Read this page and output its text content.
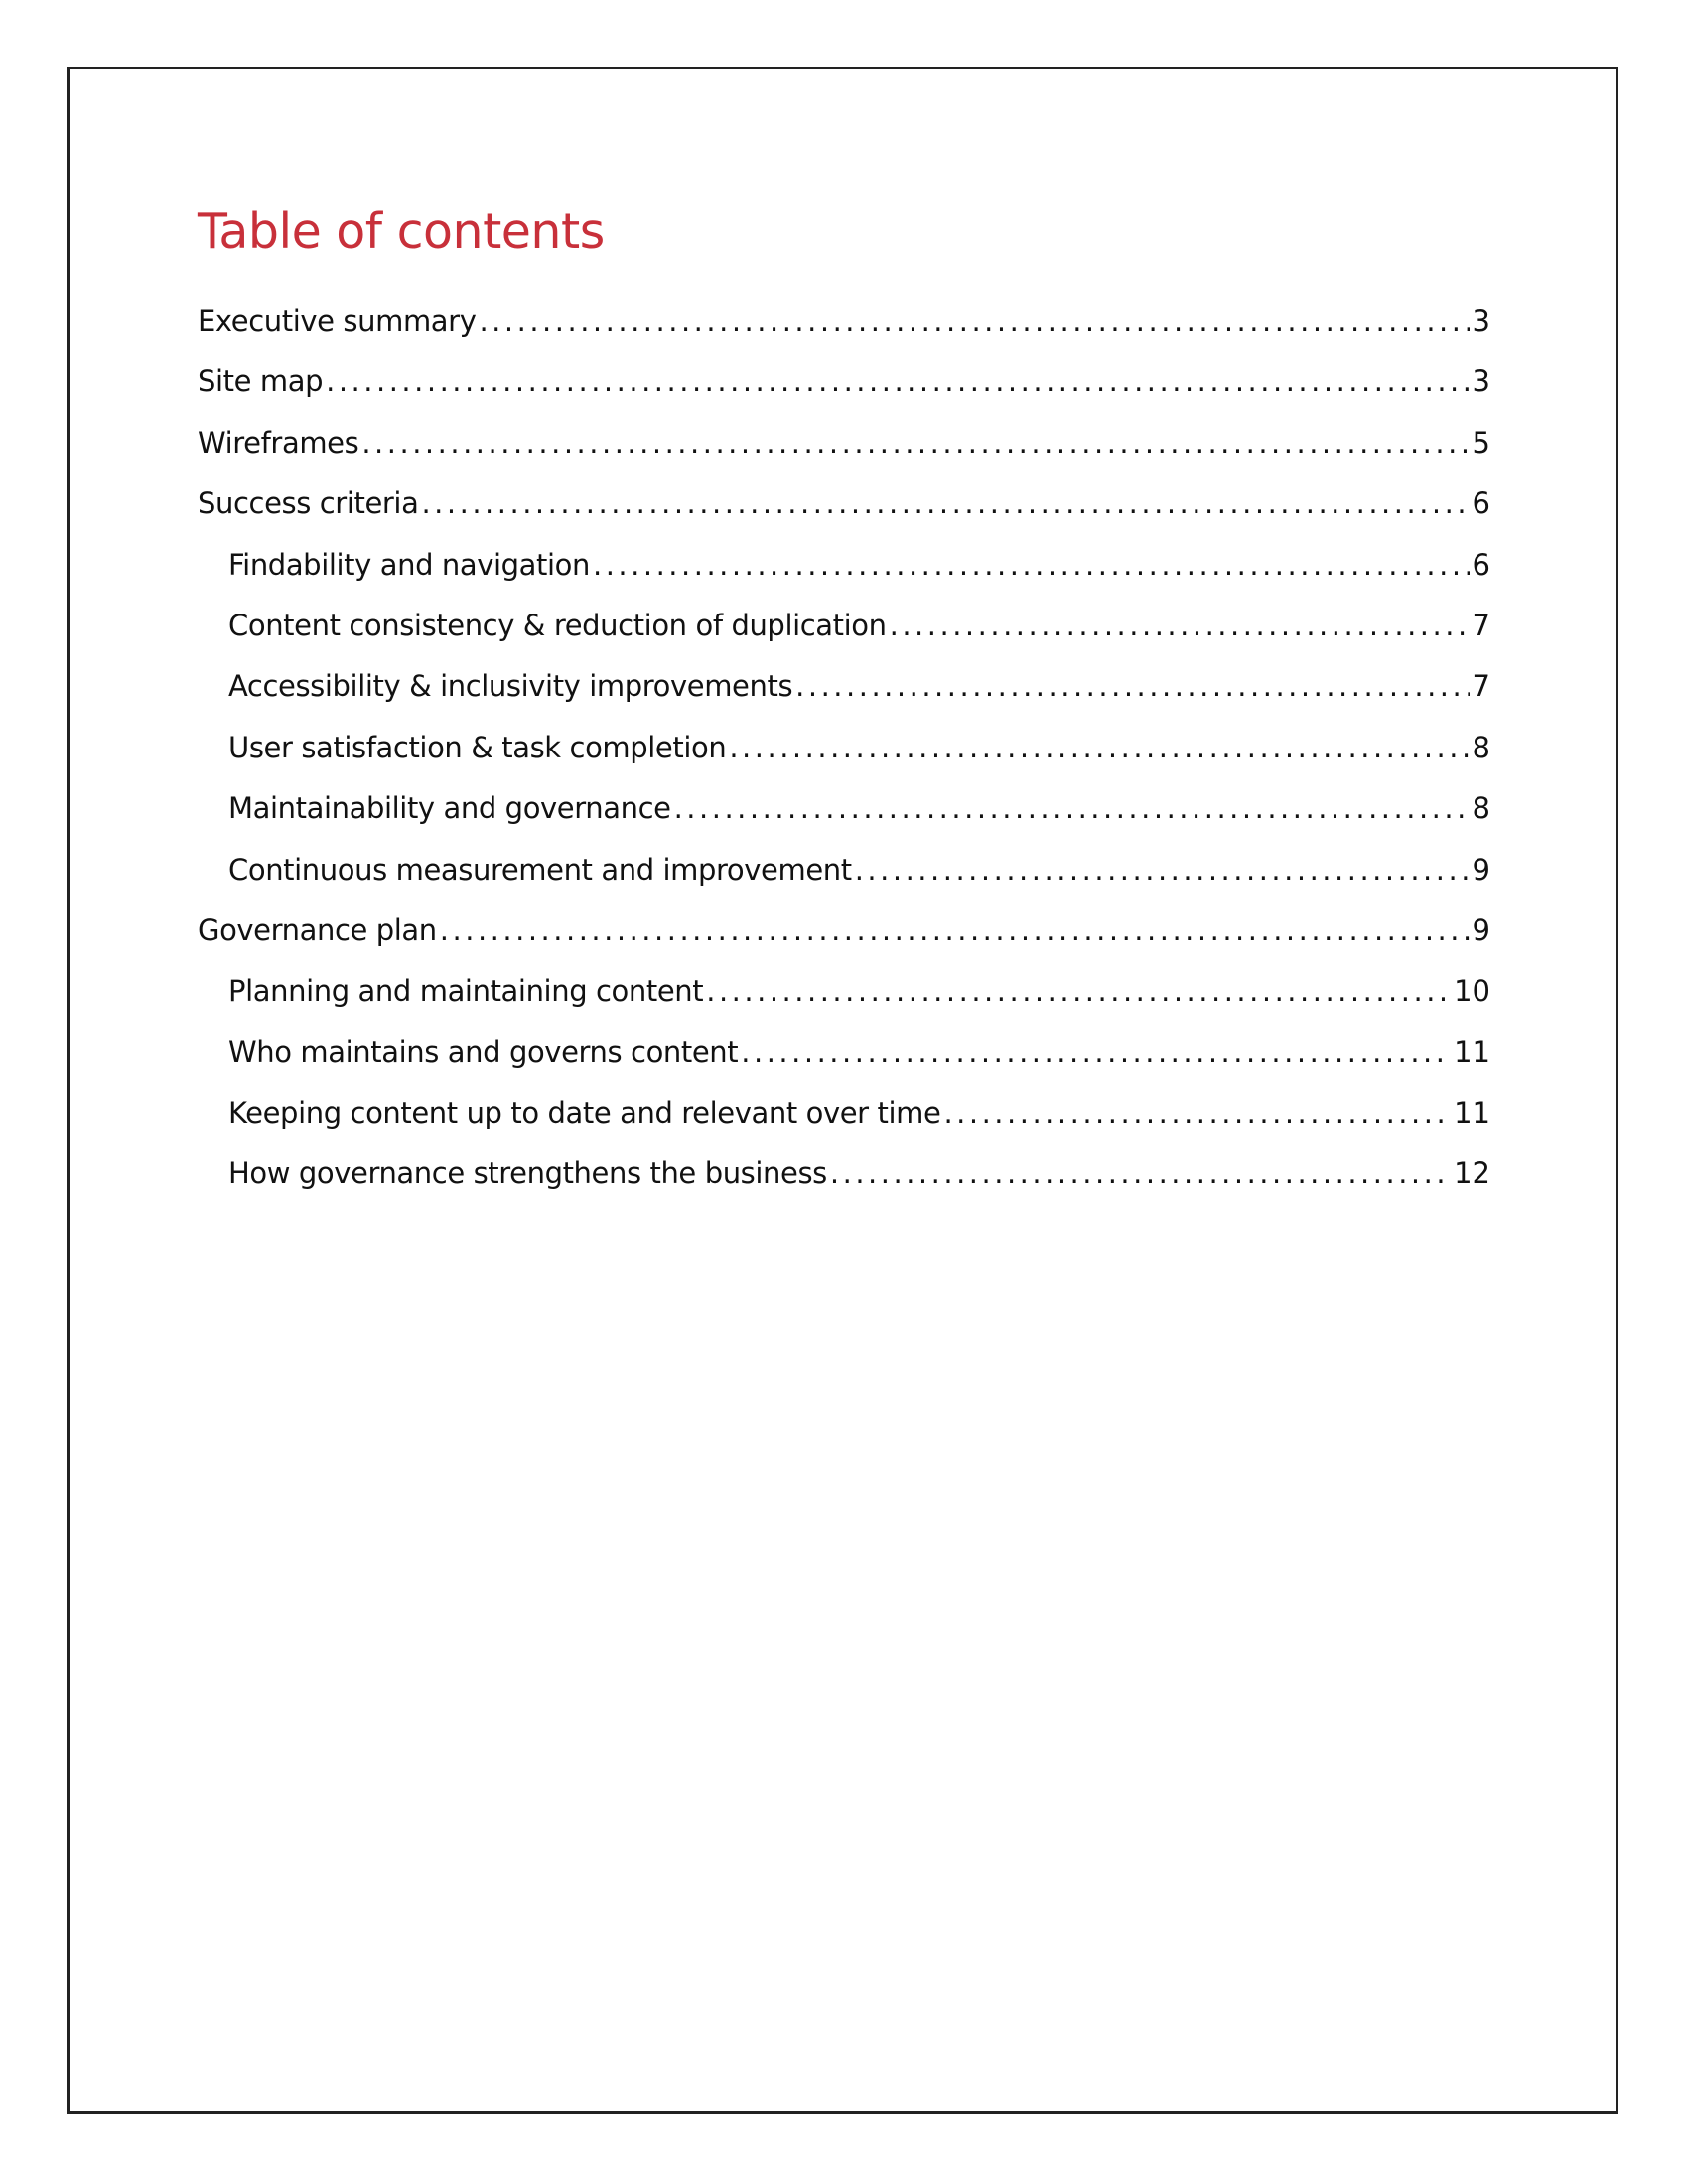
Table of contents
Executive summary .....	3
Site map .....	3
Wireframes .....	5
Success criteria .....	6
Findability and navigation .....	6
Content consistency & reduction of duplication .....	7
Accessibility & inclusivity improvements .....	7
User satisfaction & task completion .....	8
Maintainability and governance .....	8
Continuous measurement and improvement .....	9
Governance plan .....	9
Planning and maintaining content .....	10
Who maintains and governs content .....	11
Keeping content up to date and relevant over time .....	11
How governance strengthens the business .....	12
